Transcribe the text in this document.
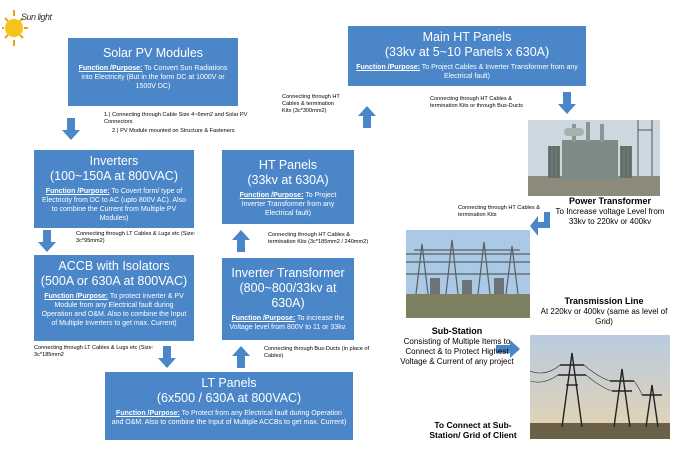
Sun light
Solar PV Modules
Function /Purpose: To Convert Sun Radiations into Electricity (But in the form DC at 1000V or 1500V DC)
Inverters
(100~150A at 800VAC)
Function /Purpose: To Covert form/ type of Electricity from DC to AC (upto 800V AC). Also to combine the Current from Multiple PV Modules)
ACCB with Isolators
(500A or 630A at 800VAC)
Function /Purpose: To protect inverter & PV Module from any Electrical fault during Operation and O&M. Also to combine the Input of Multiple Inverters to get max. Current)
LT Panels
(6x500 / 630A at 800VAC)
Function /Purpose: To Protect from any Electrical fault during Operation and O&M. Also to combine the Input of Multiple ACCBs to get max. Current)
Inverter Transformer
(800~800/33kv at 630A)
Function /Purpose: To increase the Voltage level from 800V to 11 or 33kv.
HT Panels
(33kv at 630A)
Function /Purpose: To Project Inverter Transformer from any Electrical fault)
Main HT Panels
(33kv at 5~10 Panels x 630A)
Function /Purpose: To Project Cables & Inverter Transformer from any Electrical fault)
1.) Connecting through Cable Size 4~6mm2 and Solar PV Connectors
2.) PV Module mounted on Structure & Fasteners
Connecting through LT Cables & Lugs etc (Size: 3c*95mm2)
Connecting through LT Cables & Lugs etc (Size: 3c*185mm2
Connecting through Bus-Ducts (in place of Cables)
Connecting through HT Cables & termination Kits (3c*185mm2 / 240mm2)
Connecting through HT Cables & termination Kits (3c*300mm2)
Connecting through HT Cables & termination Kits or through Bus-Ducts
Connecting through HT Cables & termination Kits
Power Transformer
To Increase voltage Level from 33kv to 220kv or 400kv
Sub-Station
Consisting of Multiple Items to Connect & to Protect Highest Voltage & Current of any project
Transmission Line
At 220kv or 400kv (same as level of Grid)
To Connect at Sub-Station/ Grid of Client
